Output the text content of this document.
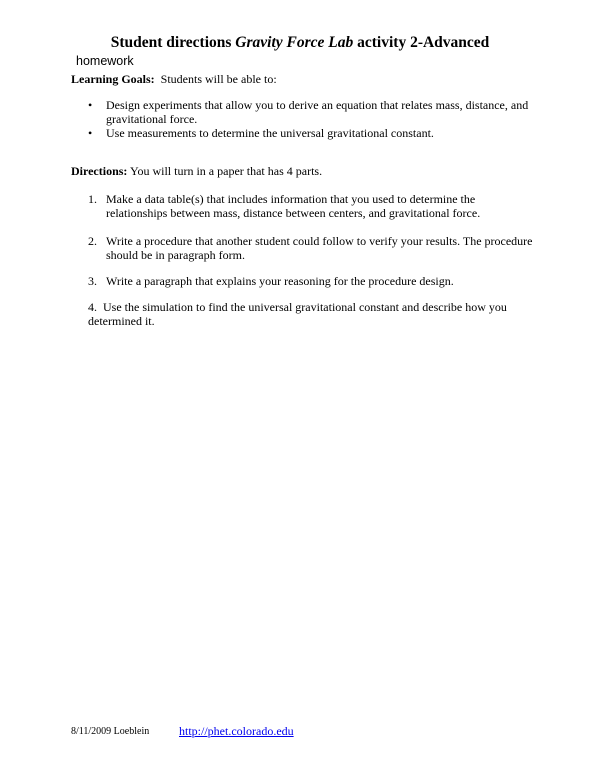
Student directions Gravity Force Lab activity 2-Advanced
homework
Learning Goals:  Students will be able to:
• Design experiments that allow you to derive an equation that relates mass, distance, and gravitational force.
• Use measurements to determine the universal gravitational constant.
Directions: You will turn in a paper that has 4 parts.
1. Make a data table(s) that includes information that you used to determine the relationships between mass, distance between centers, and gravitational force.
2. Write a procedure that another student could follow to verify your results. The procedure should be in paragraph form.
3. Write a paragraph that explains your reasoning for the procedure design.
4. Use the simulation to find the universal gravitational constant and describe how you determined it.
8/11/2009 Loeblein http://phet.colorado.edu
